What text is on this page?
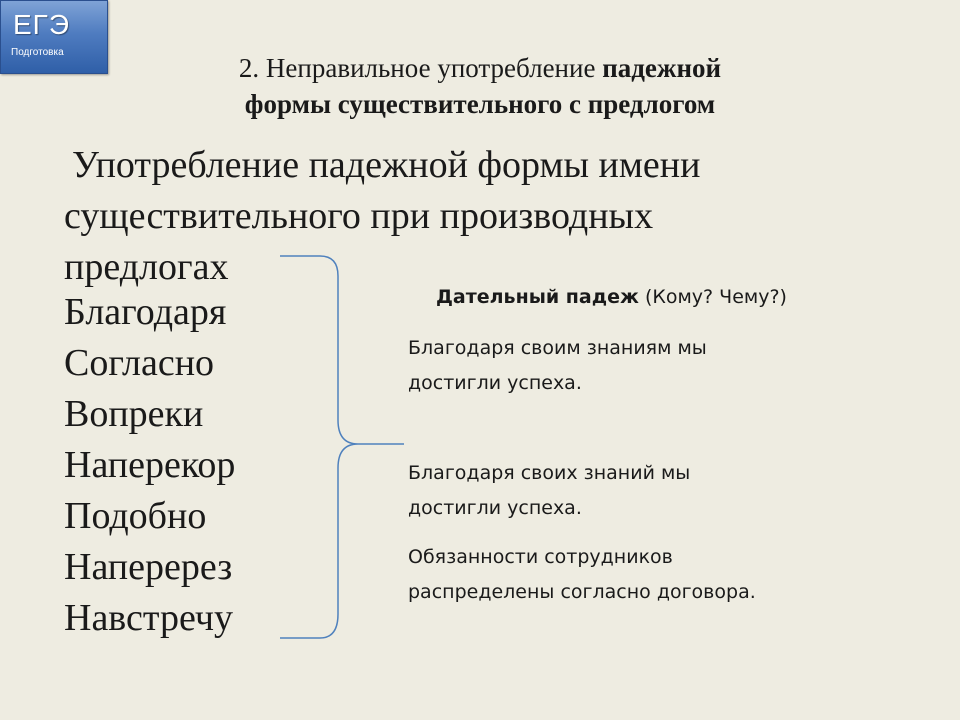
ЕГЭ
Подготовка
2. Неправильное употребление падежной
формы существительного с предлогом
Употребление падежной формы имени
существительного при производных
предлогах
Благодаря
Согласно
Вопреки
Наперекор
Подобно
Наперерез
Навстречу
Дательный падеж (Кому? Чему?)
Благодаря своим знаниям мы
достигли успеха.
Благодаря своих знаний мы
достигли успеха.
Обязанности сотрудников
распределены согласно договора.
